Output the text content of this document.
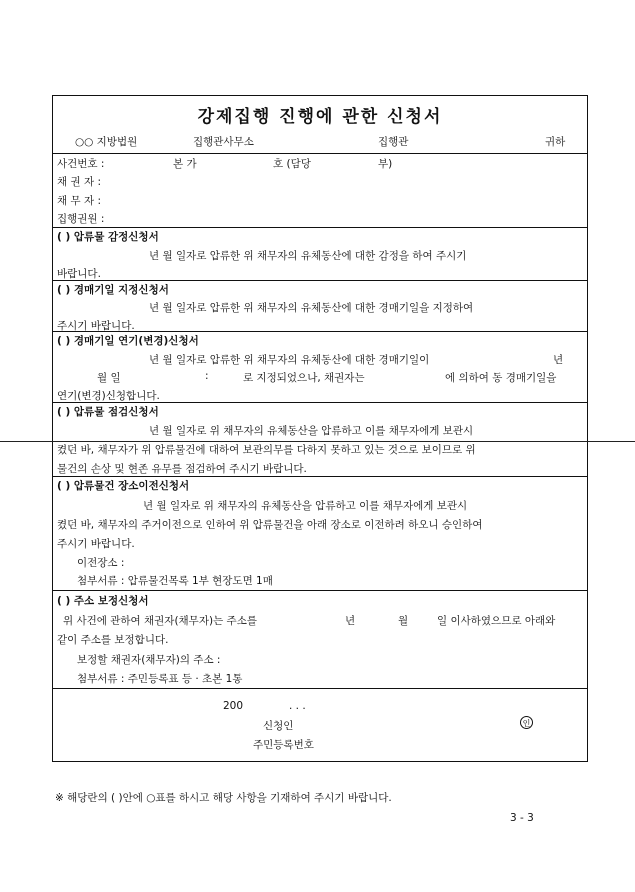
강제집행 진행에 관한 신청서
○○ 지방법원	집행관사무소	집행관	귀하
사건번호 :	본 가	호 (담당	부)
채 권 자 :
채 무 자 :
집행권원 :
( ) 압류물 감정신청서
년 월 일자로 압류한 위 채무자의 유체동산에 대한 감정을 하여 주시기
바랍니다.
( ) 경매기일 지정신청서
년 월 일자로 압류한 위 채무자의 유체동산에 대한 경매기일을 지정하여
주시기 바랍니다.
( ) 경매기일 연기(변경)신청서
년 월 일자로 압류한 위 채무자의 유체동산에 대한 경매기일이	년
월 일	:	로 지정되었으나, 채권자는	에 의하여 동 경매기일을
연기(변경)신청합니다.
( ) 압류물 점검신청서
년 월 일자로 위 채무자의 유체동산을 압류하고 이를 채무자에게 보관시
켰던 바, 채무자가 위 압류물건에 대하여 보관의무를 다하지 못하고 있는 것으로 보이므로 위
물건의 손상 및 현존 유무를 점검하여 주시기 바랍니다.
( ) 압류물건 장소이전신청서
년 월 일자로 위 채무자의 유체동산을 압류하고 이를 채무자에게 보관시
켰던 바, 채무자의 주거이전으로 인하여 위 압류물건을 아래 장소로 이전하려 하오니 승인하여
주시기 바랍니다.
이전장소 :
첨부서류 : 압류물건목록 1부 현장도면 1매
( ) 주소 보정신청서
위 사건에 관하여 채권자(채무자)는 주소를	년	월	일 이사하였으므로 아래와
같이 주소를 보정합니다.
보정할 채권자(채무자)의 주소 :
첨부서류 : 주민등록표 등 · 초본 1통
200	. . .
신청인
주민등록번호
인
※ 해당란의 ( )안에 ○표를 하시고 해당 사항을 기재하여 주시기 바랍니다.
3 - 3
